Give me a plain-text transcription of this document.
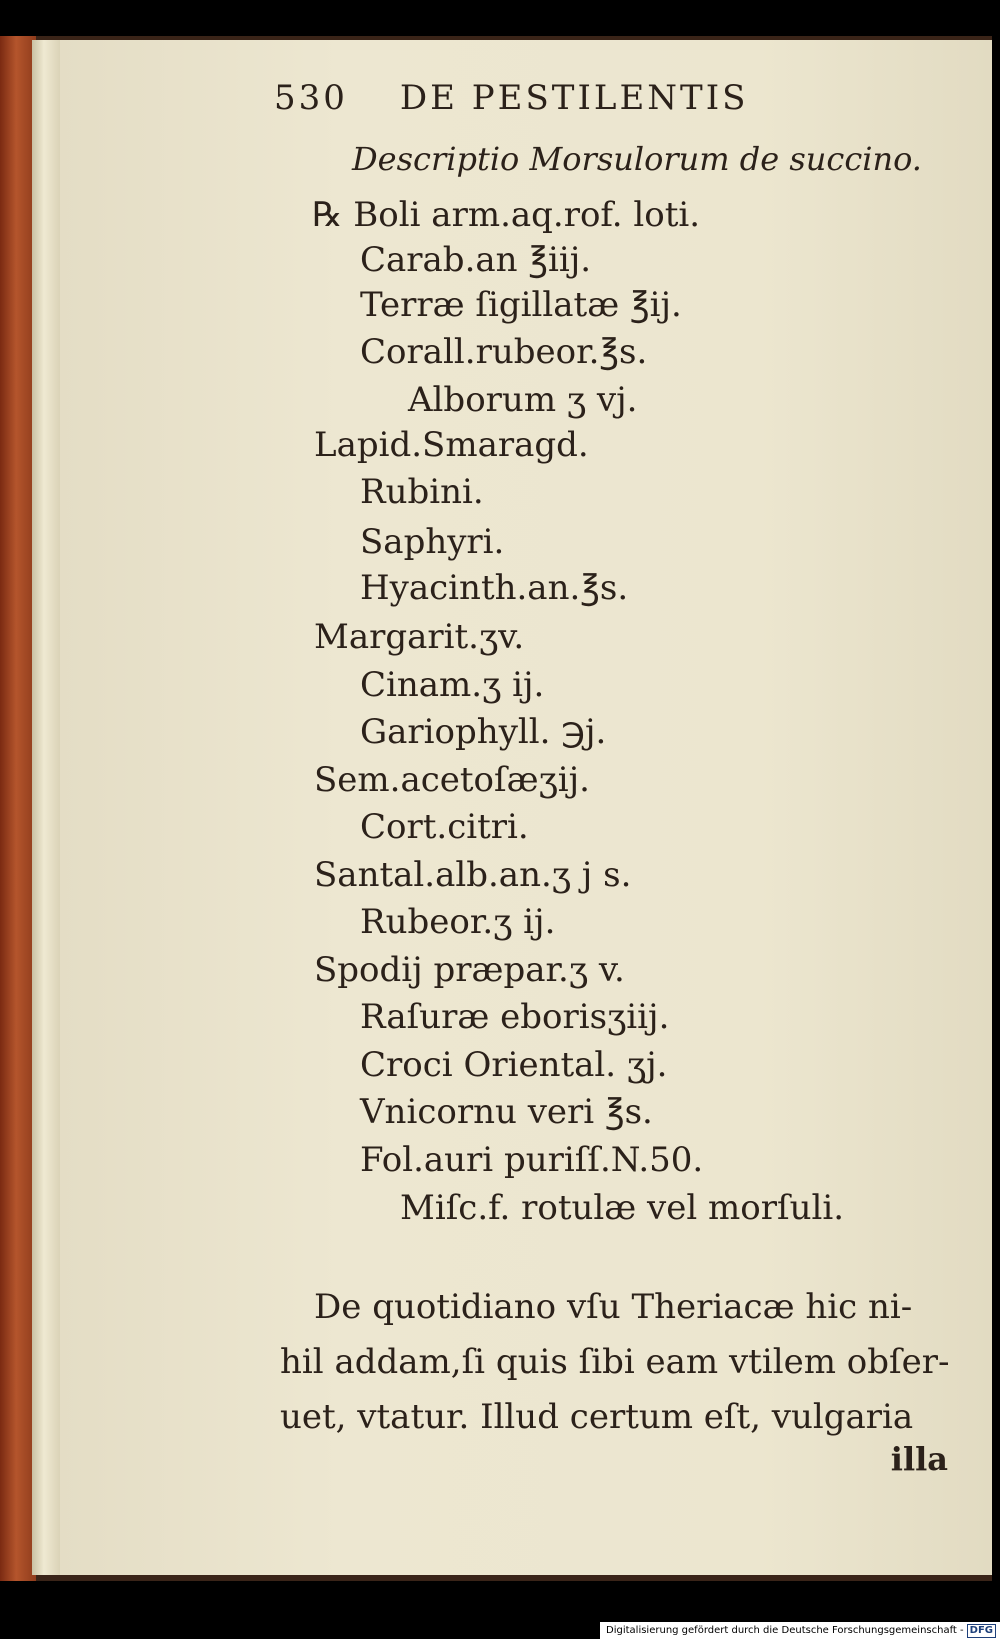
530 DE PESTILENTIS
Descriptio Morsulorum de succino.
℞ Boli arm.aq.rof. loti.
Carab.an ℥iij.
Terræ ſigillatæ ℥ij.
Corall.rubeor.℥s.
Alborum ʒ vj.
Lapid.Smaragd.
Rubini.
Saphyri.
Hyacinth.an.℥s.
Margarit.ʒv.
Cinam.ʒ ij.
Gariophyll. ℈j.
Sem.acetoſæʒij.
Cort.citri.
Santal.alb.an.ʒ j s.
Rubeor.ʒ ij.
Spodij præpar.ʒ v.
Raſuræ eborisʒiij.
Croci Oriental. ʒj.
Vnicornu veri ℥s.
Fol.auri puriſſ.N.50.
Miſc.f. rotulæ vel morſuli.
De quotidiano vſu Theriacæ hic ni-
hil addam,ſi quis ſibi eam vtilem obſer-
uet, vtatur. Illud certum eſt, vulgaria
illa
Digitalisierung gefördert durch die Deutsche Forschungsgemeinschaft - DFG
